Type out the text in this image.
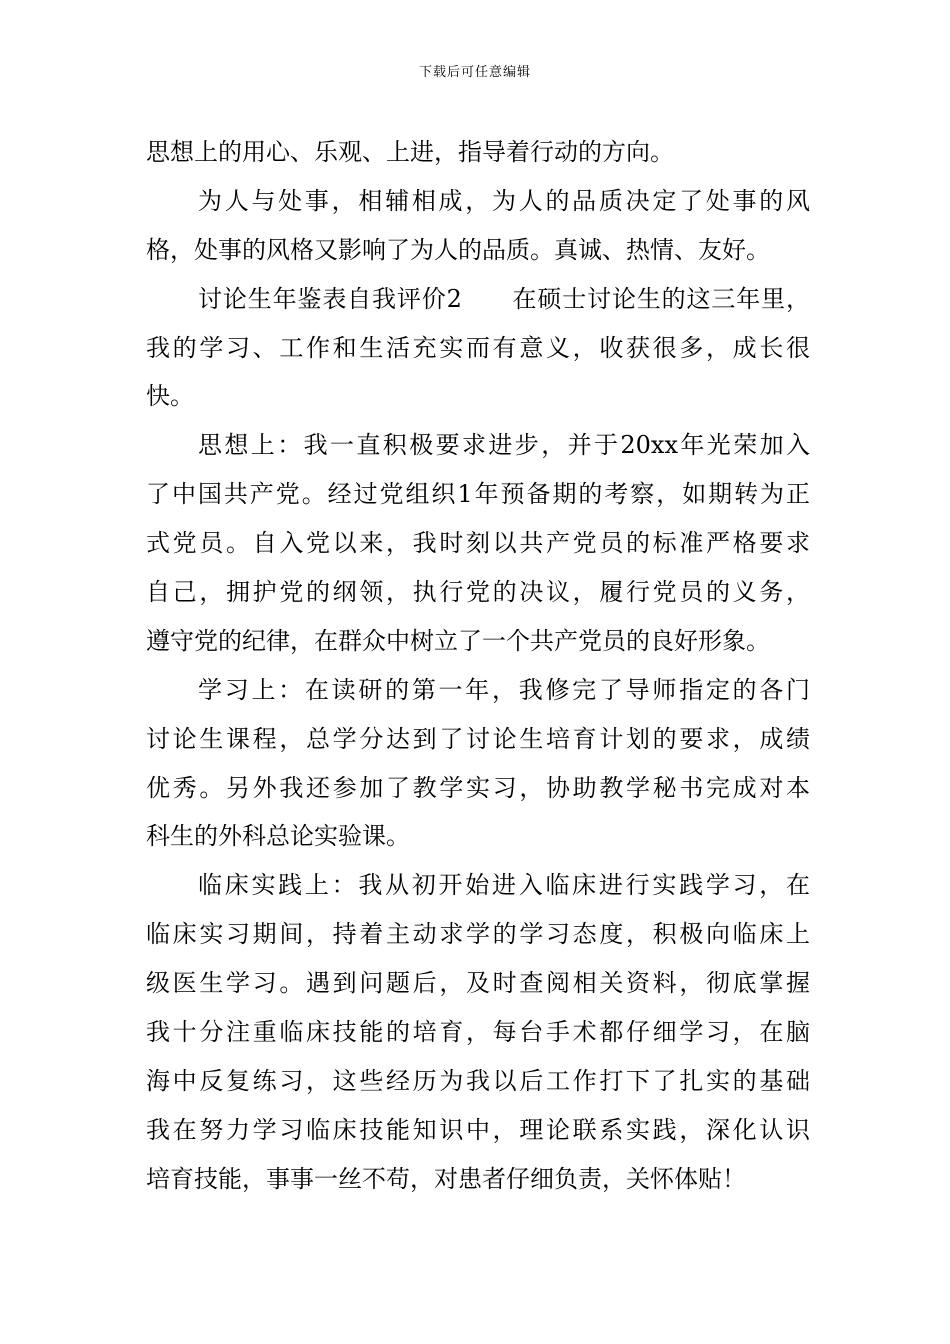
下载后可任意编辑
思想上的用心、乐观、上进，指导着行动的方向。
为人与处事，相辅相成，为人的品质决定了处事的风
格，处事的风格又影响了为人的品质。真诚、热情、友好。
讨论生年鉴表自我评价2　　在硕士讨论生的这三年里，
我的学习、工作和生活充实而有意义，收获很多，成长很
快。
思想上：我一直积极要求进步，并于20xx年光荣加入
了中国共产党。经过党组织1年预备期的考察，如期转为正
式党员。自入党以来，我时刻以共产党员的标准严格要求
自己，拥护党的纲领，执行党的决议，履行党员的义务，
遵守党的纪律，在群众中树立了一个共产党员的良好形象。
学习上：在读研的第一年，我修完了导师指定的各门
讨论生课程，总学分达到了讨论生培育计划的要求，成绩
优秀。另外我还参加了教学实习，协助教学秘书完成对本
科生的外科总论实验课。
临床实践上：我从初开始进入临床进行实践学习，在
临床实习期间，持着主动求学的学习态度，积极向临床上
级医生学习。遇到问题后，及时查阅相关资料，彻底掌握
我十分注重临床技能的培育，每台手术都仔细学习，在脑
海中反复练习，这些经历为我以后工作打下了扎实的基础
我在努力学习临床技能知识中，理论联系实践，深化认识
培育技能，事事一丝不苟，对患者仔细负责，关怀体贴！
